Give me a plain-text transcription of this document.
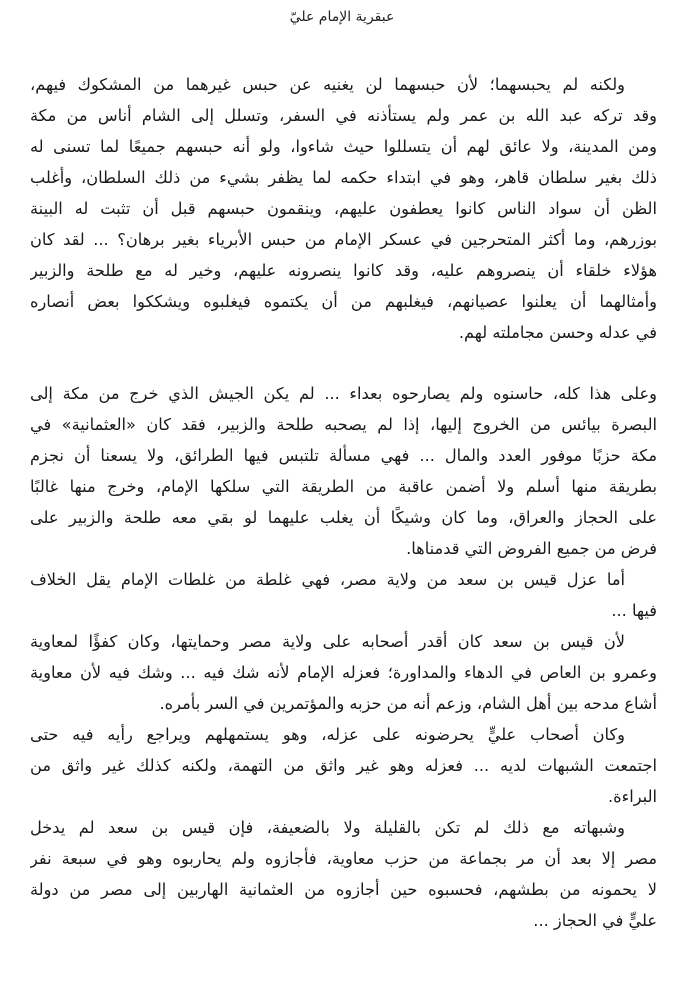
عبقرية الإمام عليّ
ولكنه لم يحبسهما؛ لأن حبسهما لن يغنيه عن حبس غيرهما من المشكوك فيهم،
وقد تركه عبد الله بن عمر ولم يستأذنه في السفر، وتسلل إلى الشام أناس من مكة
ومن المدينة، ولا عائق لهم أن يتسللوا حيث شاءوا، ولو أنه حبسهم جميعًا لما تسنى له
ذلك بغير سلطان قاهر، وهو في ابتداء حكمه لما يظفر بشيء من ذلك السلطان، وأغلب
الظن أن سواد الناس كانوا يعطفون عليهم، وينقمون حبسهم قبل أن تثبت له البينة
بوزرهم، وما أكثر المتحرجين في عسكر الإمام من حبس الأبرياء بغير برهان؟ ... لقد كان
هؤلاء خلقاء أن ينصروهم عليه، وقد كانوا ينصرونه عليهم، وخير له مع طلحة والزبير
وأمثالهما أن يعلنوا عصيانهم، فيغلبهم من أن يكتموه فيغلبوه ويشككوا بعض أنصاره
في عدله وحسن مجاملته لهم.
وعلى هذا كله، حاسنوه ولم يصارحوه بعداء ... لم يكن الجيش الذي خرج من مكة إلى
البصرة بيائس من الخروج إليها، إذا لم يصحبه طلحة والزبير، فقد كان «العثمانية» في
مكة حزبًا موفور العدد والمال ... فهي مسألة تلتبس فيها الطرائق، ولا يسعنا أن نجزم
بطريقة منها أسلم ولا أضمن عاقبة من الطريقة التي سلكها الإمام، وخرج منها غالبًا
على الحجاز والعراق، وما كان وشيكًا أن يغلب عليهما لو بقي معه طلحة والزبير على
فرض من جميع الفروض التي قدمناها.
أما عزل قيس بن سعد من ولاية مصر، فهي غلطة من غلطات الإمام يقل الخلاف
فيها ...
لأن قيس بن سعد كان أقدر أصحابه على ولاية مصر وحمايتها، وكان كفؤًا لمعاوية
وعمرو بن العاص في الدهاء والمداورة؛ فعزله الإمام لأنه شك فيه ... وشك فيه لأن معاوية
أشاع مدحه بين أهل الشام، وزعم أنه من حزبه والمؤتمرين في السر بأمره.
وكان أصحاب عليٍّ يحرضونه على عزله، وهو يستمهلهم ويراجع رأيه فيه حتى
اجتمعت الشبهات لديه ... فعزله وهو غير واثق من التهمة، ولكنه كذلك غير واثق من
البراءة.
وشبهاته مع ذلك لم تكن بالقليلة ولا بالضعيفة، فإن قيس بن سعد لم يدخل
مصر إلا بعد أن مر بجماعة من حزب معاوية، فأجازوه ولم يحاربوه وهو في سبعة نفر
لا يحمونه من بطشهم، فحسبوه حين أجازوه من العثمانية الهاربين إلى مصر من دولة
عليٍّ في الحجاز ...
